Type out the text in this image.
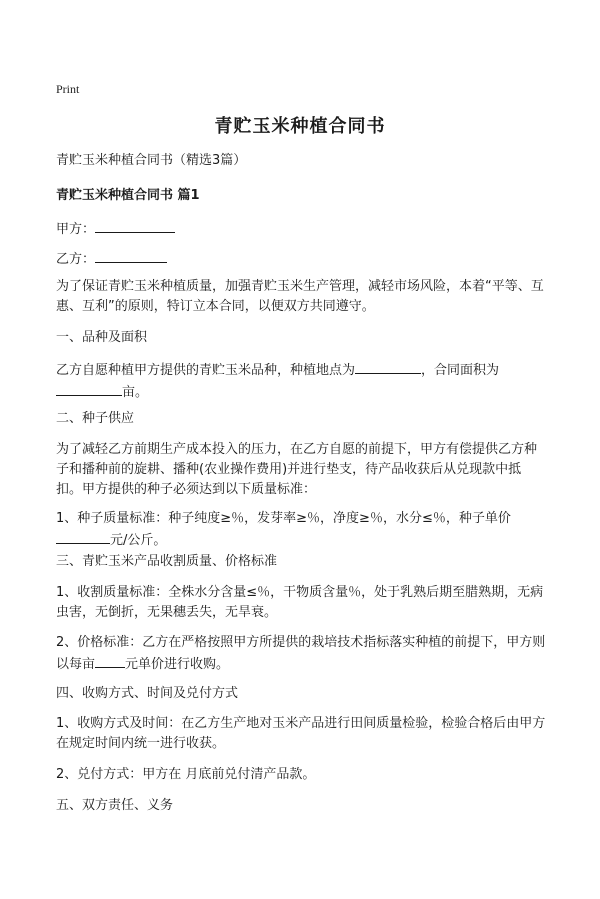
Print
青贮玉米种植合同书
青贮玉米种植合同书（精选3篇）
青贮玉米种植合同书 篇1
甲方：
乙方：
为了保证青贮玉米种植质量，加强青贮玉米生产管理，减轻市场风险，本着“平等、互惠、互利”的原则，特订立本合同，以便双方共同遵守。
一、品种及面积
乙方自愿种植甲方提供的青贮玉米品种，种植地点为	，合同面积为
亩。
二、种子供应
为了减轻乙方前期生产成本投入的压力，在乙方自愿的前提下，甲方有偿提供乙方种子和播种前的旋耕、播种(农业操作费用)并进行垫支，待产品收获后从兑现款中抵扣。甲方提供的种子必须达到以下质量标准：
1、种子质量标准：种子纯度≥％，发芽率≥％，净度≥％，水分≤％，种子单价
元/公斤。
三、青贮玉米产品收割质量、价格标准
1、收割质量标准：全株水分含量≤％，干物质含量％，处于乳熟后期至腊熟期，无病虫害，无倒折，无果穗丢失，无旱衰。
2、价格标准：乙方在严格按照甲方所提供的栽培技术指标落实种植的前提下，甲方则以每亩 元单价进行收购。
四、收购方式、时间及兑付方式
1、收购方式及时间：在乙方生产地对玉米产品进行田间质量检验，检验合格后由甲方在规定时间内统一进行收获。
2、兑付方式：甲方在 月底前兑付清产品款。
五、双方责任、义务
